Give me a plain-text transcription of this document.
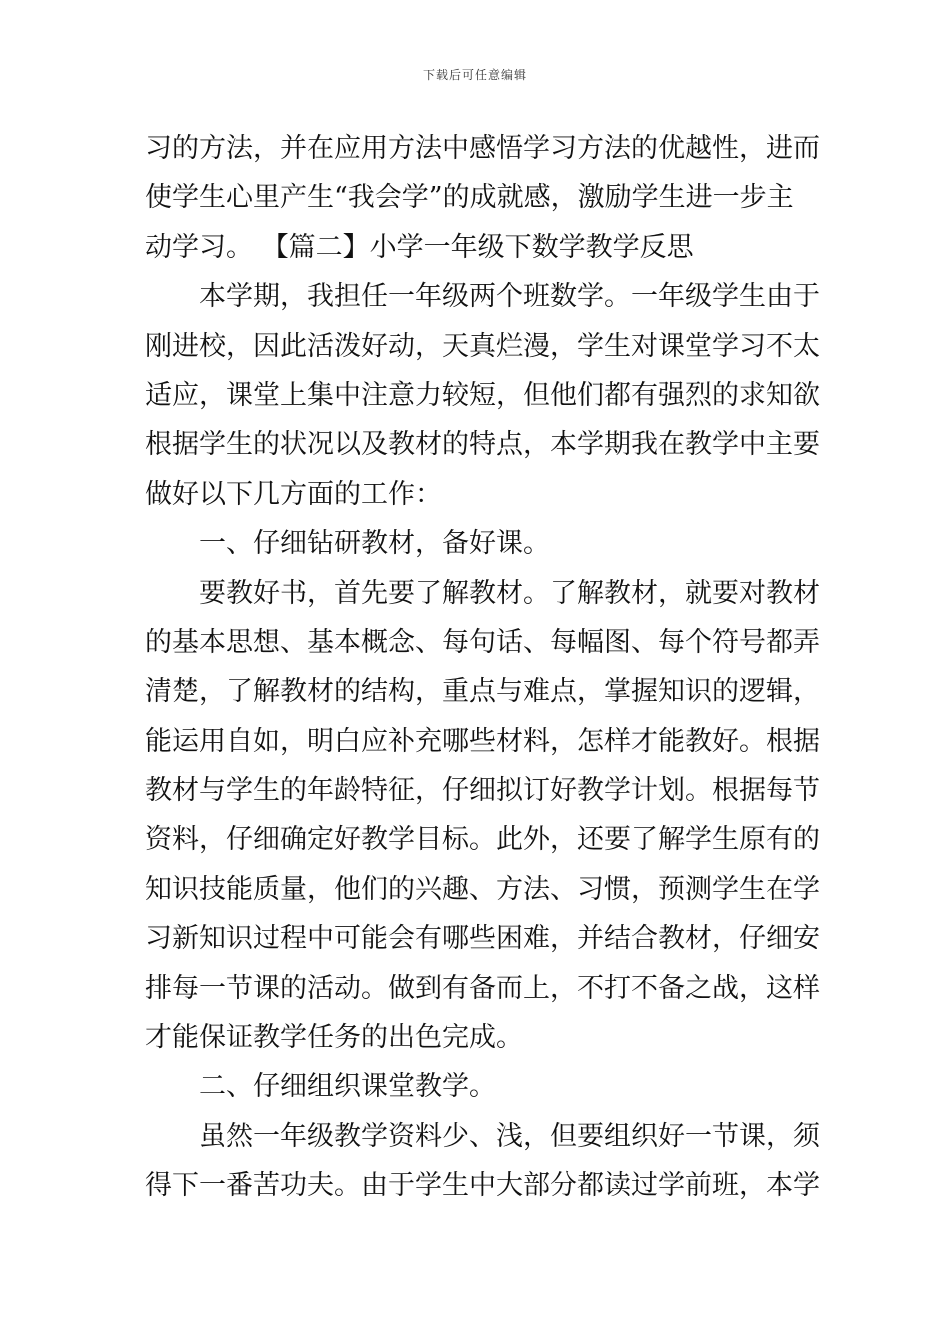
下载后可任意编辑
习的方法，并在应用方法中感悟学习方法的优越性，进而
使学生心里产生“我会学”的成就感，激励学生进一步主
动学习。 【篇二】小学一年级下数学教学反思
本学期，我担任一年级两个班数学。一年级学生由于
刚进校，因此活泼好动，天真烂漫，学生对课堂学习不太
适应，课堂上集中注意力较短，但他们都有强烈的求知欲
根据学生的状况以及教材的特点，本学期我在教学中主要
做好以下几方面的工作：
一、仔细钻研教材，备好课。
要教好书，首先要了解教材。了解教材，就要对教材
的基本思想、基本概念、每句话、每幅图、每个符号都弄
清楚，了解教材的结构，重点与难点，掌握知识的逻辑，
能运用自如，明白应补充哪些材料，怎样才能教好。根据
教材与学生的年龄特征，仔细拟订好教学计划。根据每节
资料，仔细确定好教学目标。此外，还要了解学生原有的
知识技能质量，他们的兴趣、方法、习惯，预测学生在学
习新知识过程中可能会有哪些困难，并结合教材，仔细安
排每一节课的活动。做到有备而上，不打不备之战，这样
才能保证教学任务的出色完成。
二、仔细组织课堂教学。
虽然一年级教学资料少、浅，但要组织好一节课，须
得下一番苦功夫。由于学生中大部分都读过学前班，本学
